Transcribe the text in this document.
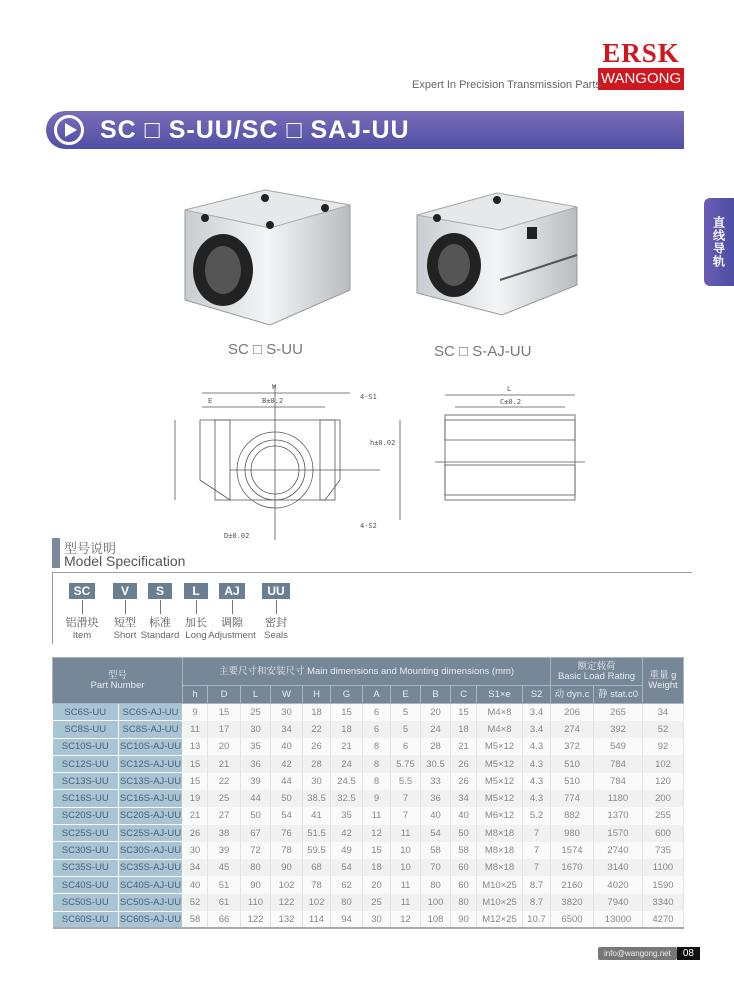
ERSK
WANGONG
Expert In Precision Transmission Parts
SC □ S-UU/SC □ SAJ-UU
直线导轨
SC □ S-UU	SC □ S-AJ-UU
W
E	B±0.2	4-S1
4-S2
D±0.02
h±0.02
L
C±0.2
型号说明
Model Specification
SC
铝滑块
Item
V
短型
Short
S
标准
Standard
L
加长
Long
AJ
调隙
Adjustment
UU
密封
Seals
型号
Part Number		主要尺寸和安装尺寸 Main dimensions and Mounting dimensions (mm)												额定载荷
Basic Load Rating		重量 g
Weight
		h	D	L	W	H	G	A	E	B	C	S1×e	S2	动 dyn.c	静 stat.c0	
SC6S-UU	SC6S-AJ-UU	9	15	25	30	18	15	6	5	20	15	M4×8	3.4	206	265	34
SC8S-UU	SC8S-AJ-UU	11	17	30	34	22	18	6	5	24	18	M4×8	3.4	274	392	52
SC10S-UU	SC10S-AJ-UU	13	20	35	40	26	21	8	6	28	21	M5×12	4.3	372	549	92
SC12S-UU	SC12S-AJ-UU	15	21	36	42	28	24	8	5.75	30.5	26	M5×12	4.3	510	784	102
SC13S-UU	SC13S-AJ-UU	15	22	39	44	30	24.5	8	5.5	33	26	M5×12	4.3	510	784	120
SC16S-UU	SC16S-AJ-UU	19	25	44	50	38.5	32.5	9	7	36	34	M5×12	4.3	774	1180	200
SC20S-UU	SC20S-AJ-UU	21	27	50	54	41	35	11	7	40	40	M6×12	5.2	882	1370	255
SC25S-UU	SC25S-AJ-UU	26	38	67	76	51.5	42	12	11	54	50	M8×18	7	980	1570	600
SC30S-UU	SC30S-AJ-UU	30	39	72	78	59.5	49	15	10	58	58	M8×18	7	1574	2740	735
SC35S-UU	SC35S-AJ-UU	34	45	80	90	68	54	18	10	70	60	M8×18	7	1670	3140	1100
SC40S-UU	SC40S-AJ-UU	40	51	90	102	78	62	20	11	80	60	M10×25	8.7	2160	4020	1590
SC50S-UU	SC50S-AJ-UU	52	61	110	122	102	80	25	11	100	80	M10×25	8.7	3820	7940	3340
SC60S-UU	SC60S-AJ-UU	58	66	122	132	114	94	30	12	108	90	M12×25	10.7	6500	13000	4270
info@wangong.net	08
